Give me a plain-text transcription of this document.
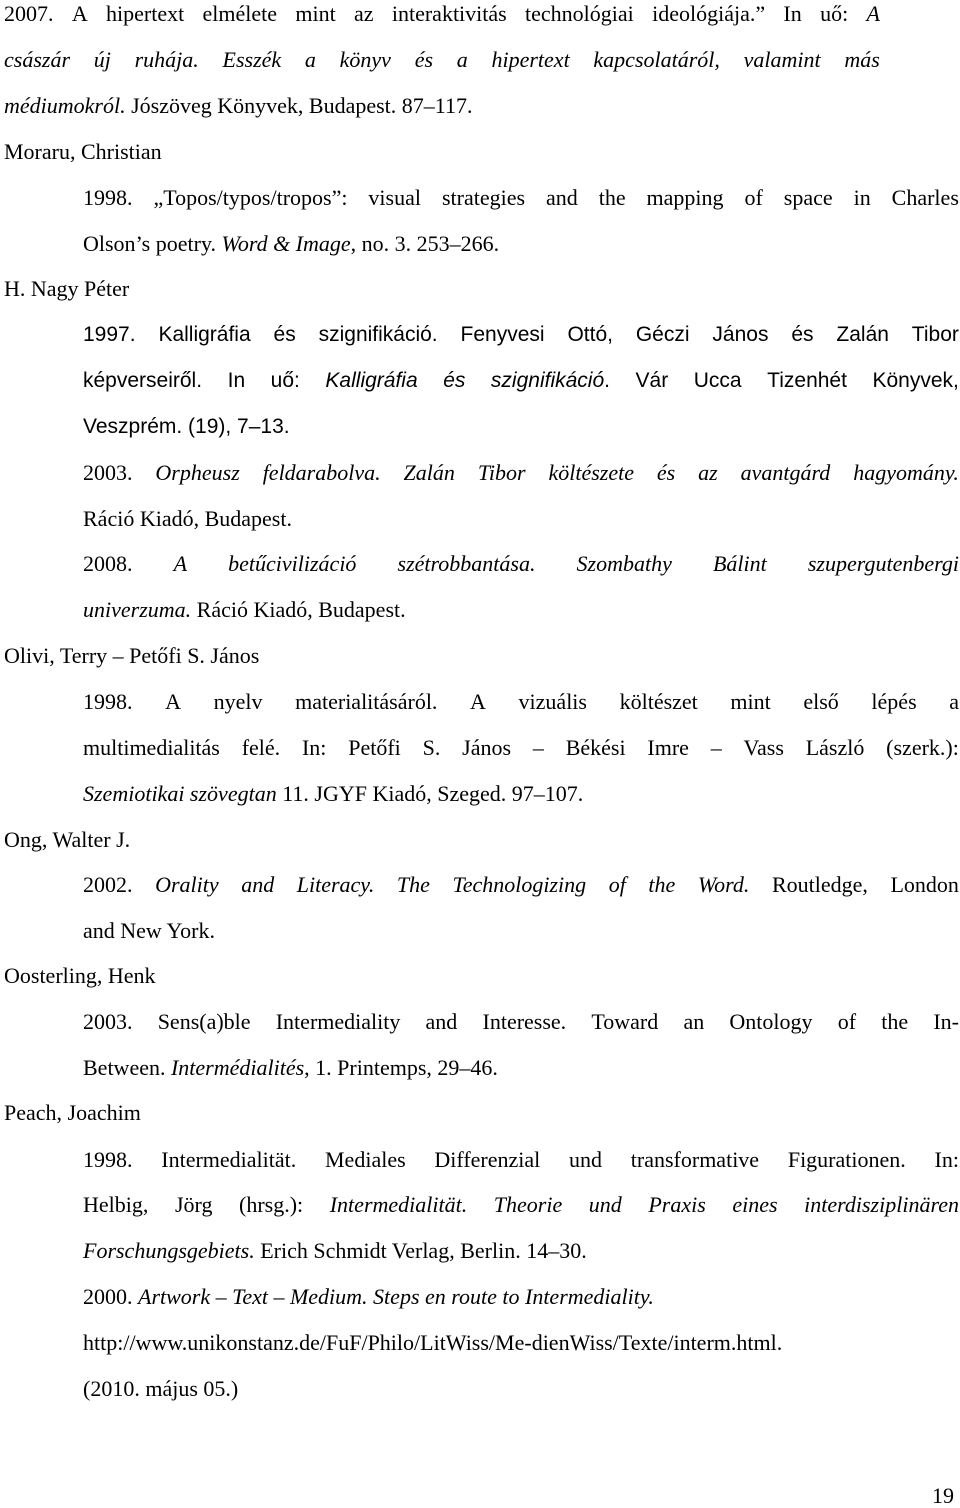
Moraru, Christian
H. Nagy Péter
Olivi, Terry – Petőfi S. János
Ong, Walter J.
Oosterling, Henk
Peach, Joachim
2007. A hipertext elmélete mint az interaktivitás technológiai ideológiája.” In uő: A
császár új ruhája. Esszék a könyv és a hipertext kapcsolatáról, valamint más
médiumokról. Jószöveg Könyvek, Budapest. 87–117.
1998. „Topos/typos/tropos”: visual strategies and the mapping of space in Charles
Olson’s poetry. Word & Image, no. 3. 253–266.
1997. Kalligráfia és szignifikáció. Fenyvesi Ottó, Géczi János és Zalán Tibor
képverseiről. In uő: Kalligráfia és szignifikáció. Vár Ucca Tizenhét Könyvek,
Veszprém. (19), 7–13.
2003. Orpheusz feldarabolva. Zalán Tibor költészete és az avantgárd hagyomány.
Ráció Kiadó, Budapest.
2008. A betűcivilizáció szétrobbantása. Szombathy Bálint szupergutenbergi
univerzuma. Ráció Kiadó, Budapest.
1998. A nyelv materialitásáról. A vizuális költészet mint első lépés a
multimedialitás felé. In: Petőfi S. János – Békési Imre – Vass László (szerk.):
Szemiotikai szövegtan 11. JGYF Kiadó, Szeged. 97–107.
2002. Orality and Literacy. The Technologizing of the Word. Routledge, London
and New York.
2003. Sens(a)ble Intermediality and Interesse. Toward an Ontology of the In-
Between. Intermédialités, 1. Printemps, 29–46.
1998. Intermedialität. Mediales Differenzial und transformative Figurationen. In:
Helbig, Jörg (hrsg.): Intermedialität. Theorie und Praxis eines interdisziplinären
Forschungsgebiets. Erich Schmidt Verlag, Berlin. 14–30.
2000. Artwork – Text – Medium. Steps en route to Intermediality.
http://www.unikonstanz.de/FuF/Philo/LitWiss/Me-dienWiss/Texte/interm.html.
(2010. május 05.)
19
